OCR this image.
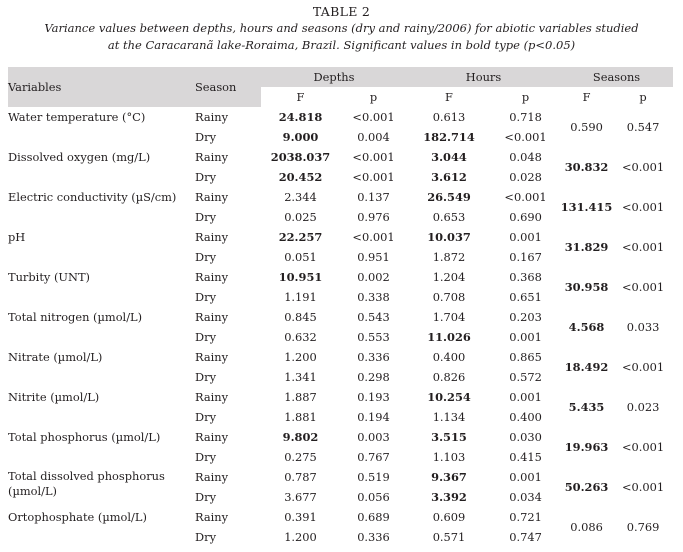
TABLE 2
Variance values between depths, hours and seasons (dry and rainy/2006) for abiotic variables studied
at the Caracaranã lake-Roraima, Brazil. Significant values in bold type (p<0.05)
Variables	Season	Depths		Hours		Seasons	
		F	p	F	p	F	p
Water temperature (°C)	Rainy	24.818	<0.001	0.613	0.718	0.590	0.547
	Dry	9.000	0.004	182.714	<0.001		
Dissolved oxygen (mg/L)	Rainy	2038.037	<0.001	3.044	0.048	30.832	<0.001
	Dry	20.452	<0.001	3.612	0.028		
Electric conductivity (µS/cm)	Rainy	2.344	0.137	26.549	<0.001	131.415	<0.001
	Dry	0.025	0.976	0.653	0.690		
pH	Rainy	22.257	<0.001	10.037	0.001	31.829	<0.001
	Dry	0.051	0.951	1.872	0.167		
Turbity (UNT)	Rainy	10.951	0.002	1.204	0.368	30.958	<0.001
	Dry	1.191	0.338	0.708	0.651		
Total nitrogen (µmol/L)	Rainy	0.845	0.543	1.704	0.203	4.568	0.033
	Dry	0.632	0.553	11.026	0.001		
Nitrate (µmol/L)	Rainy	1.200	0.336	0.400	0.865	18.492	<0.001
	Dry	1.341	0.298	0.826	0.572		
Nitrite (µmol/L)	Rainy	1.887	0.193	10.254	0.001	5.435	0.023
	Dry	1.881	0.194	1.134	0.400		
Total phosphorus (µmol/L)	Rainy	9.802	0.003	3.515	0.030	19.963	<0.001
	Dry	0.275	0.767	1.103	0.415		
Total dissolved phosphorus (µmol/L)	Rainy	0.787	0.519	9.367	0.001	50.263	<0.001
	Dry	3.677	0.056	3.392	0.034		
Ortophosphate (µmol/L)	Rainy	0.391	0.689	0.609	0.721	0.086	0.769
	Dry	1.200	0.336	0.571	0.747		
